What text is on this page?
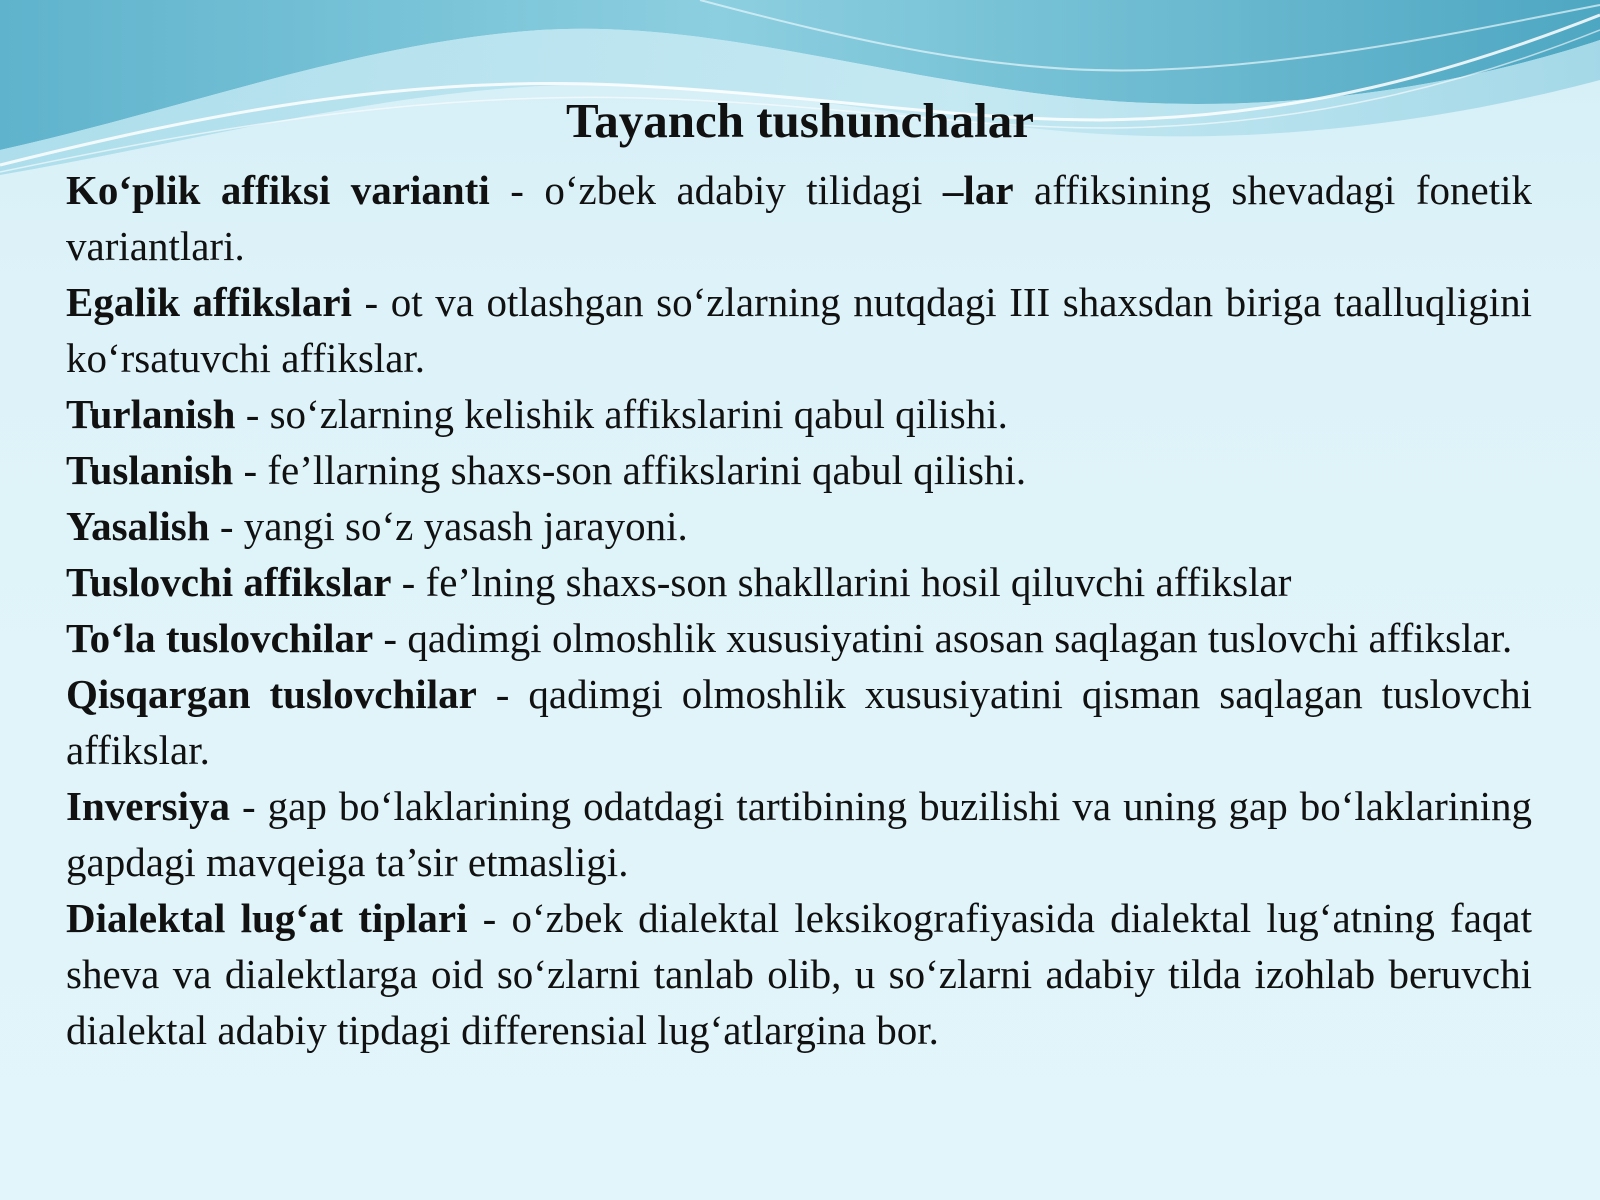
Tayanch tushunchalar

Ko‘plik affiksi varianti - o‘zbek adabiy tilidagi –lar affiksining shevadagi fonetik variantlari.

Egalik affikslari - ot va otlashgan so‘zlarning nutqdagi III shaxsdan biriga taalluqligini ko‘rsatuvchi affikslar.

Turlanish - so‘zlarning kelishik affikslarini qabul qilishi.

Tuslanish - fe’llarning shaxs-son affikslarini qabul qilishi.

Yasalish - yangi so‘z yasash jarayoni.

Tuslovchi affikslar - fe’lning shaxs-son shakllarini hosil qiluvchi affikslar

To‘la tuslovchilar - qadimgi olmoshlik xususiyatini asosan saqlagan tuslovchi affikslar.

Qisqargan tuslovchilar - qadimgi olmoshlik xususiyatini qisman saqlagan tuslovchi affikslar.

Inversiya - gap bo‘laklarining odatdagi tartibining buzilishi va uning gap bo‘laklarining gapdagi mavqeiga ta’sir etmasligi.

Dialektal lug‘at tiplari - o‘zbek dialektal leksikografiyasida dialektal lug‘atning faqat sheva va dialektlarga oid so‘zlarni tanlab olib, u so‘zlarni adabiy tilda izohlab beruvchi dialektal adabiy tipdagi differensial lug‘atlargina bor.
